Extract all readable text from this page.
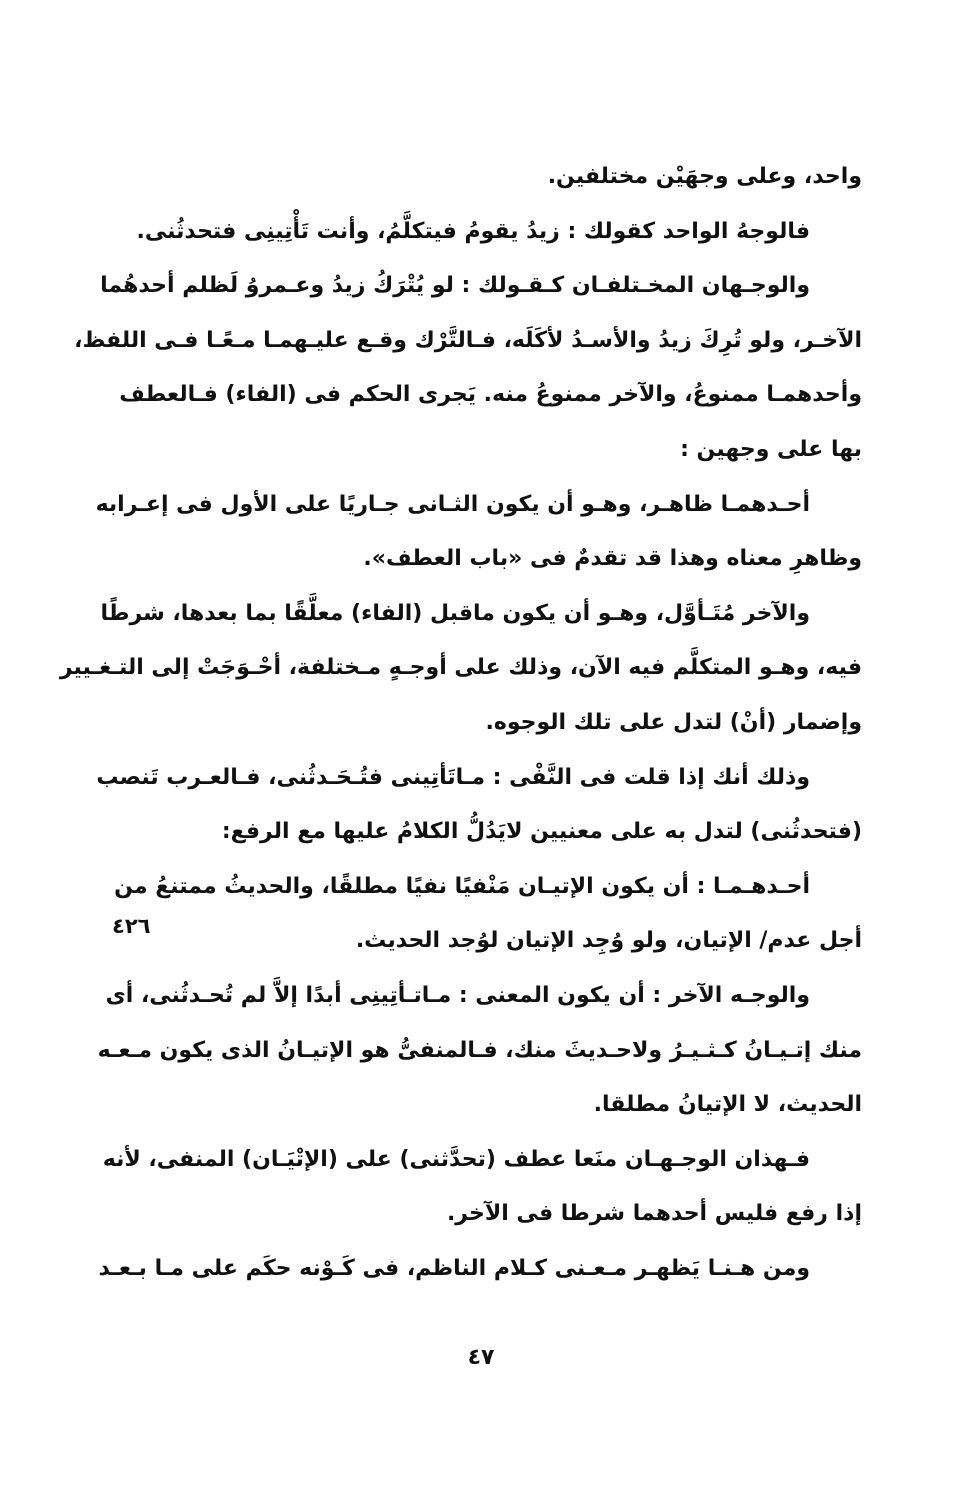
واحد، وعلى وجهَيْن مختلفين.

فالوجهُ الواحد كقولك : زيدُ يقومُ فيتكلَّمُ، وأنت تَأْتِينِى فتحدثُنى.

والوجـهان المخـتلفـان كـقـولك : لو يُتْرَكُ زيدُ وعـمروُ لَظلم أحدهُما
الآخـر، ولو تُرِكَ زيدُ والأسـدُ لأكَلَه، فـالتَّرْك وقـع عليـهمـا مـعًـا فـى اللفظ،
وأحدهمـا ممنوعُ، والآخر ممنوعُ منه. يَجرى الحكم فى (الفاء) فـالعطف
بها على وجهين :

أحـدهمـا ظاهـر، وهـو أن يكون الثـانى جـاريًا على الأول فى إعـرابه
وظاهرِ معناه وهذا قد تقدمٌ فى «باب العطف».

والآخر مُتَـأوَّل، وهـو أن يكون ماقبل (الفاء) معلَّقًا بما بعدها، شرطًا
فيه، وهـو المتكلَّم فيه الآن، وذلك على أوجـهٍ مـختلفة، أحْـوَجَتْ إلى التـغـيير
وإضمار (أنْ) لتدل على تلك الوجوه.

وذلك أنك إذا قلت فى النَّفْى : مـاتَأتِينى فتُـحَـدثُنى، فـالعـرب تَنصب
(فتحدثُنى) لتدل به على معنيين لايَدُلُّ الكلامُ عليها مع الرفع:

أحـدهـمـا : أن يكون الإتيـان مَنْفيًا نفيًا مطلقًا، والحديثُ ممتنعُ من
أجل عدم/ الإتيان، ولو وُجِد الإتيان لوُجد الحديث.

والوجـه الآخر : أن يكون المعنى : مـاتـأتِينِى أبدًا إلاَّ لم تُحـدثُنى، أى
منك إتـيـانُ كـثـيـرُ ولاحـديثَ منك، فـالمنفىُّ هو الإتيـانُ الذى يكون مـعـه
الحديث، لا الإتيانُ مطلقا.

فـهذان الوجـهـان منَعا عطف (تحدَّثنى) على (الإتْيَـان) المنفى، لأنه
إذا رفع فليس أحدهما شرطا فى الآخر.

ومن هـنـا يَظهـر مـعـنى كـلام الناظم، فى كَـوْنه حكَم على مـا بـعـد

٤٢٦
٤٧
